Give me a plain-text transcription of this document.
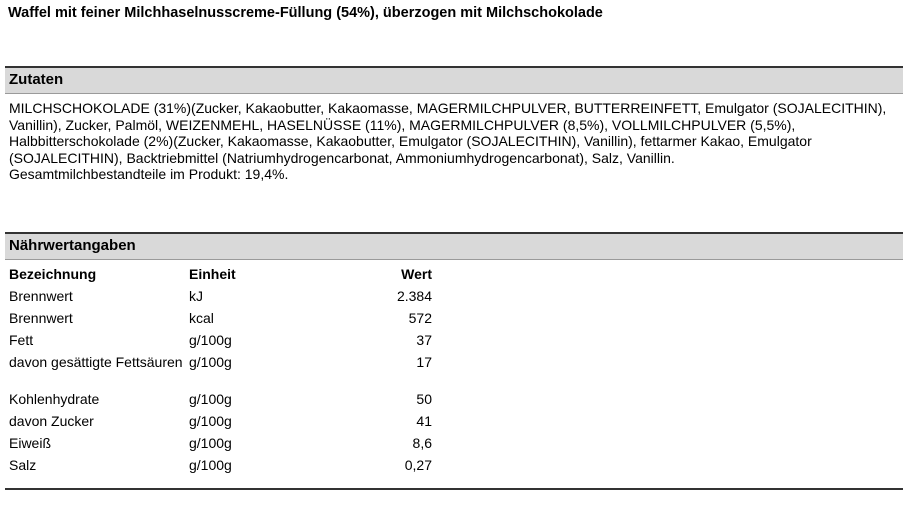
Waffel mit feiner Milchhaselnusscreme-Füllung (54%), überzogen mit Milchschokolade
Zutaten

MILCHSCHOKOLADE (31%)(Zucker, Kakaobutter, Kakaomasse, MAGERMILCHPULVER, BUTTERREINFETT, Emulgator (SOJALECITHIN), Vanillin), Zucker, Palmöl, WEIZENMEHL, HASELNÜSSE (11%), MAGERMILCHPULVER (8,5%), VOLLMILCHPULVER (5,5%), Halbbitterschokolade (2%)(Zucker, Kakaomasse, Kakaobutter, Emulgator (SOJALECITHIN), Vanillin), fettarmer Kakao, Emulgator (SOJALECITHIN), Backtriebmittel (Natriumhydrogencarbonat, Ammoniumhydrogencarbonat), Salz, Vanillin.

Gesamtmilchbestandteile im Produkt: 19,4%.

Nährwertangaben
Bezeichnung	Einheit	Wert
Brennwert	kJ	2.384
Brennwert	kcal	572
Fett	g/100g	37
davon gesättigte Fettsäuren	g/100g	17
Kohlenhydrate	g/100g	50
davon Zucker	g/100g	41
Eiweiß	g/100g	8,6
Salz	g/100g	0,27
